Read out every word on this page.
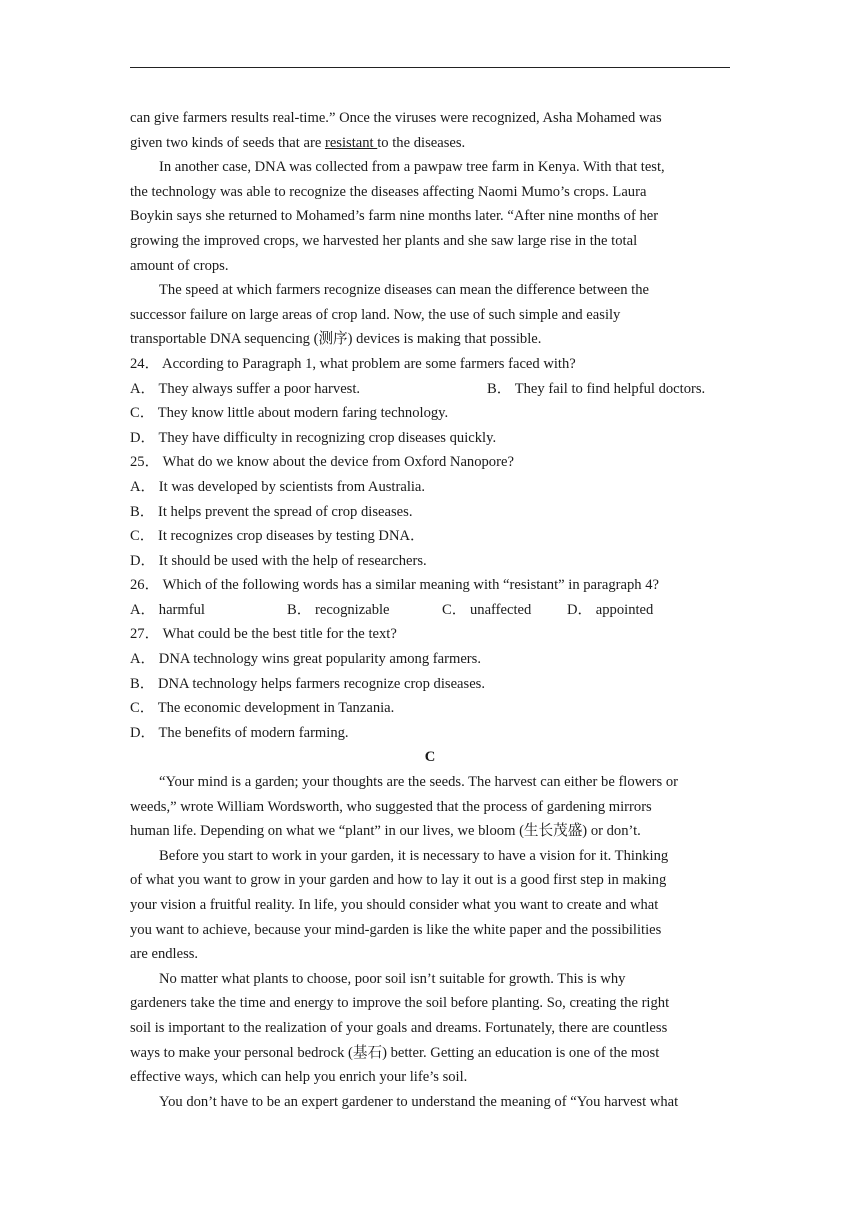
can give farmers results real-time.” Once the viruses were recognized, Asha Mohamed was
given two kinds of seeds that are resistant to the diseases.
In another case, DNA was collected from a pawpaw tree farm in Kenya. With that test,
the technology was able to recognize the diseases affecting Naomi Mumo’s crops. Laura
Boykin says she returned to Mohamed’s farm nine months later. “After nine months of her
growing the improved crops, we harvested her plants and she saw large rise in the total
amount of crops.
The speed at which farmers recognize diseases can mean the difference between the
successor failure on large areas of crop land. Now, the use of such simple and easily
transportable DNA sequencing (测序) devices is making that possible.
24． According to Paragraph 1, what problem are some farmers faced with?
A． They always suffer a poor harvest.	B． They fail to find helpful doctors.
C． They know little about modern faring technology.
D． They have difficulty in recognizing crop diseases quickly.
25． What do we know about the device from Oxford Nanopore?
A． It was developed by scientists from Australia.
B． It helps prevent the spread of crop diseases.
C． It recognizes crop diseases by testing DNA．
D． It should be used with the help of researchers.
26． Which of the following words has a similar meaning with “resistant” in paragraph 4?
A． harmful	B． recognizable	C． unaffected	D． appointed
27． What could be the best title for the text?
A． DNA technology wins great popularity among farmers.
B． DNA technology helps farmers recognize crop diseases.
C． The economic development in Tanzania.
D． The benefits of modern farming.
C
“Your mind is a garden; your thoughts are the seeds. The harvest can either be flowers or
weeds,” wrote William Wordsworth, who suggested that the process of gardening mirrors
human life. Depending on what we “plant” in our lives, we bloom (生长茂盛) or don’t.
Before you start to work in your garden, it is necessary to have a vision for it. Thinking
of what you want to grow in your garden and how to lay it out is a good first step in making
your vision a fruitful reality. In life, you should consider what you want to create and what
you want to achieve, because your mind-garden is like the white paper and the possibilities
are endless.
No matter what plants to choose, poor soil isn’t suitable for growth. This is why
gardeners take the time and energy to improve the soil before planting. So, creating the right
soil is important to the realization of your goals and dreams. Fortunately, there are countless
ways to make your personal bedrock (基石) better. Getting an education is one of the most
effective ways, which can help you enrich your life’s soil.
You don’t have to be an expert gardener to understand the meaning of “You harvest what
